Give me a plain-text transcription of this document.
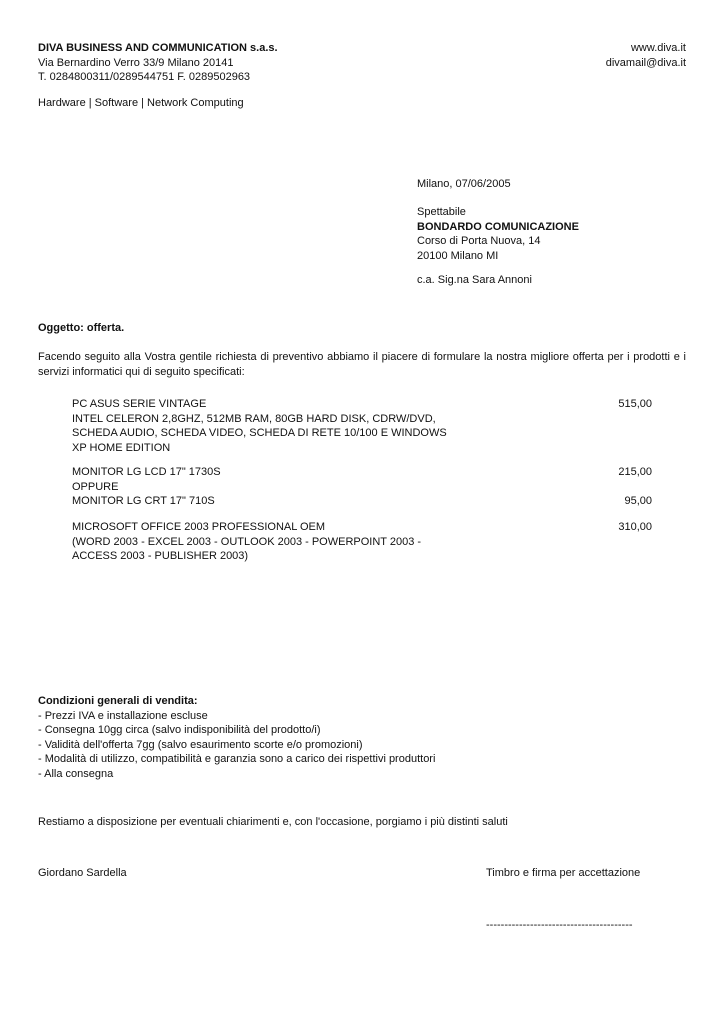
DIVA BUSINESS AND COMMUNICATION s.a.s.
Via Bernardino Verro 33/9 Milano 20141
T. 0284800311/0289544751 F. 0289502963
www.diva.it
divamail@diva.it
Hardware | Software | Network Computing
Milano, 07/06/2005
Spettabile
BONDARDO COMUNICAZIONE
Corso di Porta Nuova, 14
20100 Milano MI
c.a. Sig.na Sara Annoni
Oggetto: offerta.
Facendo seguito alla Vostra gentile richiesta di preventivo abbiamo il piacere di formulare la nostra migliore offerta per i prodotti e i servizi informatici qui di seguito specificati:
PC ASUS SERIE VINTAGE
INTEL CELERON 2,8GHZ, 512MB RAM, 80GB HARD DISK, CDRW/DVD,
SCHEDA AUDIO, SCHEDA VIDEO, SCHEDA DI RETE 10/100 E WINDOWS
XP HOME EDITION
515,00
MONITOR LG LCD 17" 1730S
OPPURE
MONITOR LG CRT 17" 710S
215,00
95,00
MICROSOFT OFFICE 2003 PROFESSIONAL OEM
(WORD 2003 - EXCEL 2003 - OUTLOOK 2003 - POWERPOINT 2003 -
ACCESS 2003 - PUBLISHER 2003)
310,00
Condizioni generali di vendita:
- Prezzi IVA e installazione escluse
- Consegna 10gg circa (salvo indisponibilità del prodotto/i)
- Validità dell'offerta 7gg (salvo esaurimento scorte e/o promozioni)
- Modalità di utilizzo, compatibilità e garanzia sono a carico dei rispettivi produttori
- Alla consegna
Restiamo a disposizione per eventuali chiarimenti e, con l'occasione, porgiamo i più distinti saluti
Giordano Sardella	Timbro e firma per accettazione
----------------------------------------
